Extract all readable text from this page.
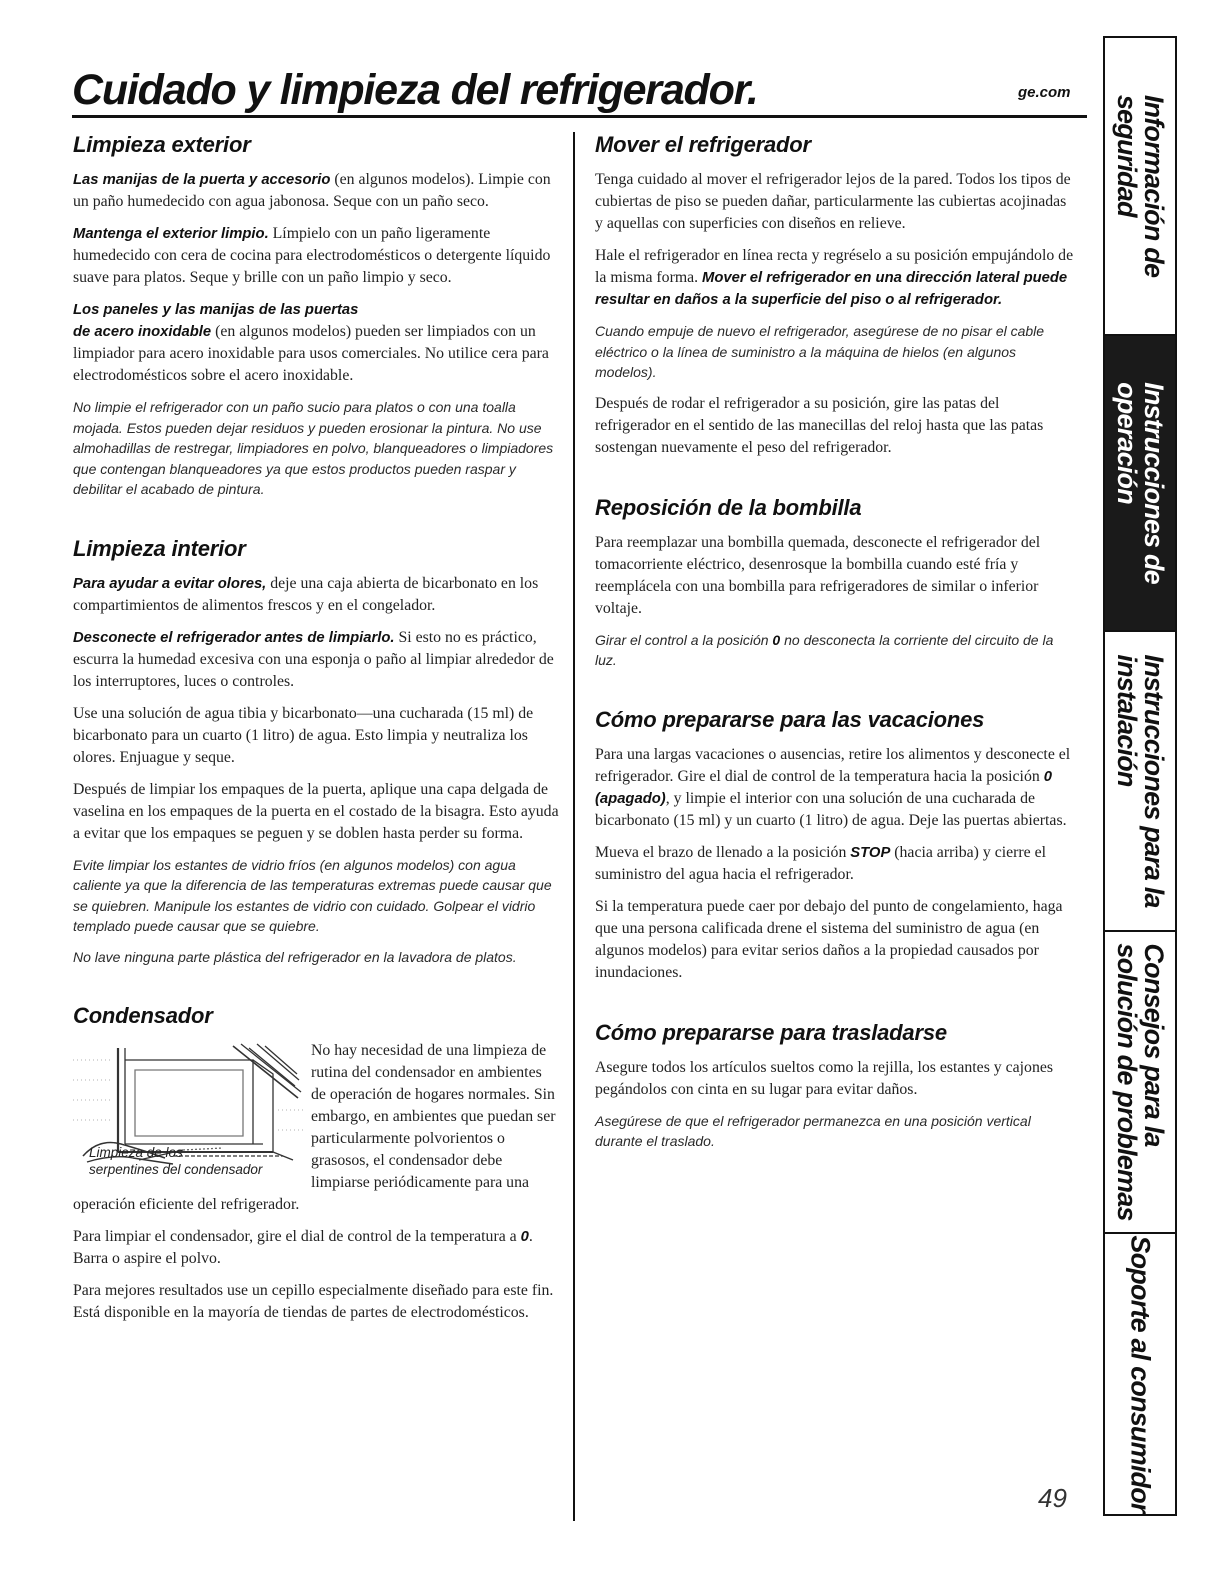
Cuidado y limpieza del refrigerador.	ge.com
Limpieza exterior

Las manijas de la puerta y accesorio (en algunos modelos). Limpie con un paño humedecido con agua jabonosa. Seque con un paño seco.

Mantenga el exterior limpio. Límpielo con un paño ligeramente humedecido con cera de cocina para electrodomésticos o detergente líquido suave para platos. Seque y brille con un paño limpio y seco.

Los paneles y las manijas de las puertas
de acero inoxidable (en algunos modelos) pueden ser limpiados con un limpiador para acero inoxidable para usos comerciales. No utilice cera para electrodomésticos sobre el acero inoxidable.

No limpie el refrigerador con un paño sucio para platos o con una toalla mojada. Estos pueden dejar residuos y pueden erosionar la pintura. No use almohadillas de restregar, limpiadores en polvo, blanqueadores o limpiadores que contengan blanqueadores ya que estos productos pueden raspar y debilitar el acabado de pintura.

Limpieza interior

Para ayudar a evitar olores, deje una caja abierta de bicarbonato en los compartimientos de alimentos frescos y en el congelador.

Desconecte el refrigerador antes de limpiarlo. Si esto no es práctico, escurra la humedad excesiva con una esponja o paño al limpiar alrededor de los interruptores, luces o controles.

Use una solución de agua tibia y bicarbonato—una cucharada (15 ml) de bicarbonato para un cuarto (1 litro) de agua. Esto limpia y neutraliza los olores. Enjuague y seque.

Después de limpiar los empaques de la puerta, aplique una capa delgada de vaselina en los empaques de la puerta en el costado de la bisagra. Esto ayuda a evitar que los empaques se peguen y se doblen hasta perder su forma.

Evite limpiar los estantes de vidrio fríos (en algunos modelos) con agua caliente ya que la diferencia de las temperaturas extremas puede causar que se quiebren. Manipule los estantes de vidrio con cuidado. Golpear el vidrio templado puede causar que se quiebre.

No lave ninguna parte plástica del refrigerador en la lavadora de platos.

Condensador
Limpieza de los
serpentines del condensador

No hay necesidad de una limpieza de rutina del condensador en ambientes de operación de hogares normales. Sin embargo, en ambientes que puedan ser particularmente polvorientos o grasosos, el condensador debe limpiarse periódicamente para una operación eficiente del refrigerador.

Para limpiar el condensador, gire el dial de control de la temperatura a 0. Barra o aspire el polvo.

Para mejores resultados use un cepillo especialmente diseñado para este fin. Está disponible en la mayoría de tiendas de partes de electrodomésticos.

Mover el refrigerador

Tenga cuidado al mover el refrigerador lejos de la pared. Todos los tipos de cubiertas de piso se pueden dañar, particularmente las cubiertas acojinadas y aquellas con superficies con diseños en relieve.

Hale el refrigerador en línea recta y regréselo a su posición empujándolo de la misma forma. Mover el refrigerador en una dirección lateral puede resultar en daños a la superficie del piso o al refrigerador.

Cuando empuje de nuevo el refrigerador, asegúrese de no pisar el cable eléctrico o la línea de suministro a la máquina de hielos (en algunos modelos).

Después de rodar el refrigerador a su posición, gire las patas del refrigerador en el sentido de las manecillas del reloj hasta que las patas sostengan nuevamente el peso del refrigerador.

Reposición de la bombilla

Para reemplazar una bombilla quemada, desconecte el refrigerador del tomacorriente eléctrico, desenrosque la bombilla cuando esté fría y reemplácela con una bombilla para refrigeradores de similar o inferior voltaje.

Girar el control a la posición 0 no desconecta la corriente del circuito de la luz.

Cómo prepararse para las vacaciones

Para una largas vacaciones o ausencias, retire los alimentos y desconecte el refrigerador. Gire el dial de control de la temperatura hacia la posición 0 (apagado), y limpie el interior con una solución de una cucharada de bicarbonato (15 ml) y un cuarto (1 litro) de agua. Deje las puertas abiertas.

Mueva el brazo de llenado a la posición STOP (hacia arriba) y cierre el suministro del agua hacia el refrigerador.

Si la temperatura puede caer por debajo del punto de congelamiento, haga que una persona calificada drene el sistema del suministro de agua (en algunos modelos) para evitar serios daños a la propiedad causados por inundaciones.

Cómo prepararse para trasladarse

Asegure todos los artículos sueltos como la rejilla, los estantes y cajones pegándolos con cinta en su lugar para evitar daños.

Asegúrese de que el refrigerador permanezca en una posición vertical durante el traslado.

49
Información de
seguridad
Instrucciones de
operación
Instrucciones para la
instalación
Consejos para la
solución de problemas
Soporte al consumidor
